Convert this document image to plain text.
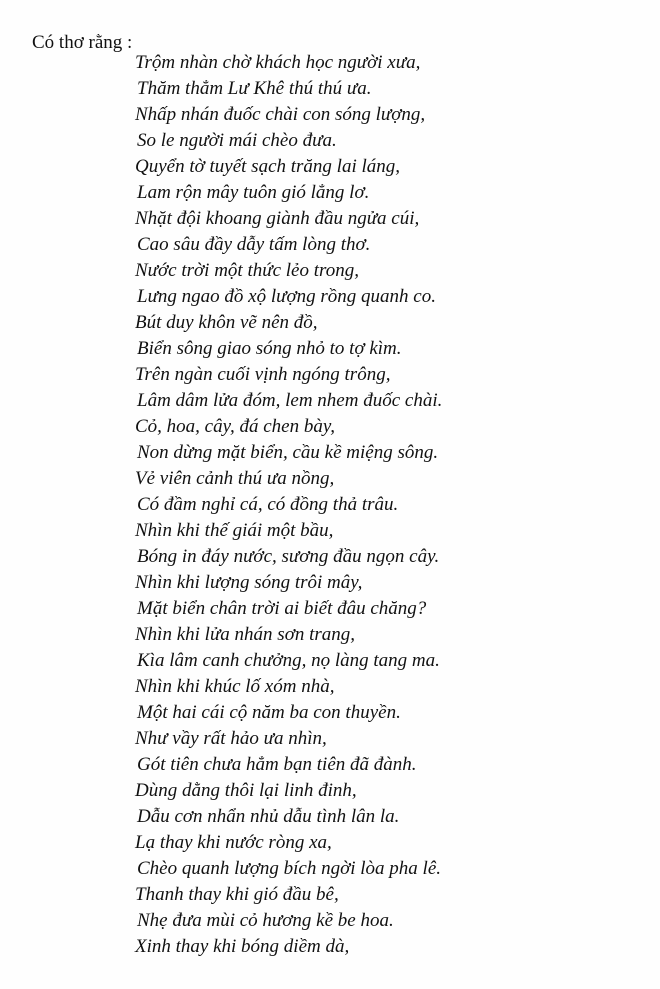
Có thơ rằng :
Trộm nhàn chờ khách học người xưa,
Thăm thẳm Lư Khê thú thú ưa.
Nhấp nhán đuốc chài con sóng lượng,
So le người mái chèo đưa.
Quyển tờ tuyết sạch trăng lai láng,
Lam rộn mây tuôn gió lẳng lơ.
Nhặt đội khoang giành đầu ngửa cúi,
Cao sâu đầy dẫy tấm lòng thơ.
Nước trời một thức lẻo trong,
Lưng ngao đồ xộ lượng rồng quanh co.
Bút duy khôn vẽ nên đồ,
Biển sông giao sóng nhỏ to tợ kìm.
Trên ngàn cuối vịnh ngóng trông,
Lâm dâm lửa đóm, lem nhem đuốc chài.
Cỏ, hoa, cây, đá chen bày,
Non dừng mặt biển, cầu kề miệng sông.
Vẻ viên cảnh thú ưa nồng,
Có đầm nghỉ cá, có đồng thả trâu.
Nhìn khi thế giái một bầu,
Bóng in đáy nước, sương đầu ngọn cây.
Nhìn khi lượng sóng trôi mây,
Mặt biển chân trời ai biết đâu chăng?
Nhìn khi lửa nhán sơn trang,
Kìa lâm canh chưởng, nọ làng tang ma.
Nhìn khi khúc lố xóm nhà,
Một hai cái cộ năm ba con thuyền.
Như vầy rất hảo ưa nhìn,
Gót tiên chưa hẳm bạn tiên đã đành.
Dùng dằng thôi lại linh đinh,
Dẫu cơn nhẩn nhủ dẫu tình lân la.
Lạ thay khi nước ròng xa,
Chèo quanh lượng bích ngời lòa pha lê.
Thanh thay khi gió đầu bê,
Nhẹ đưa mùi cỏ hương kề be hoa.
Xinh thay khi bóng diềm dà,
